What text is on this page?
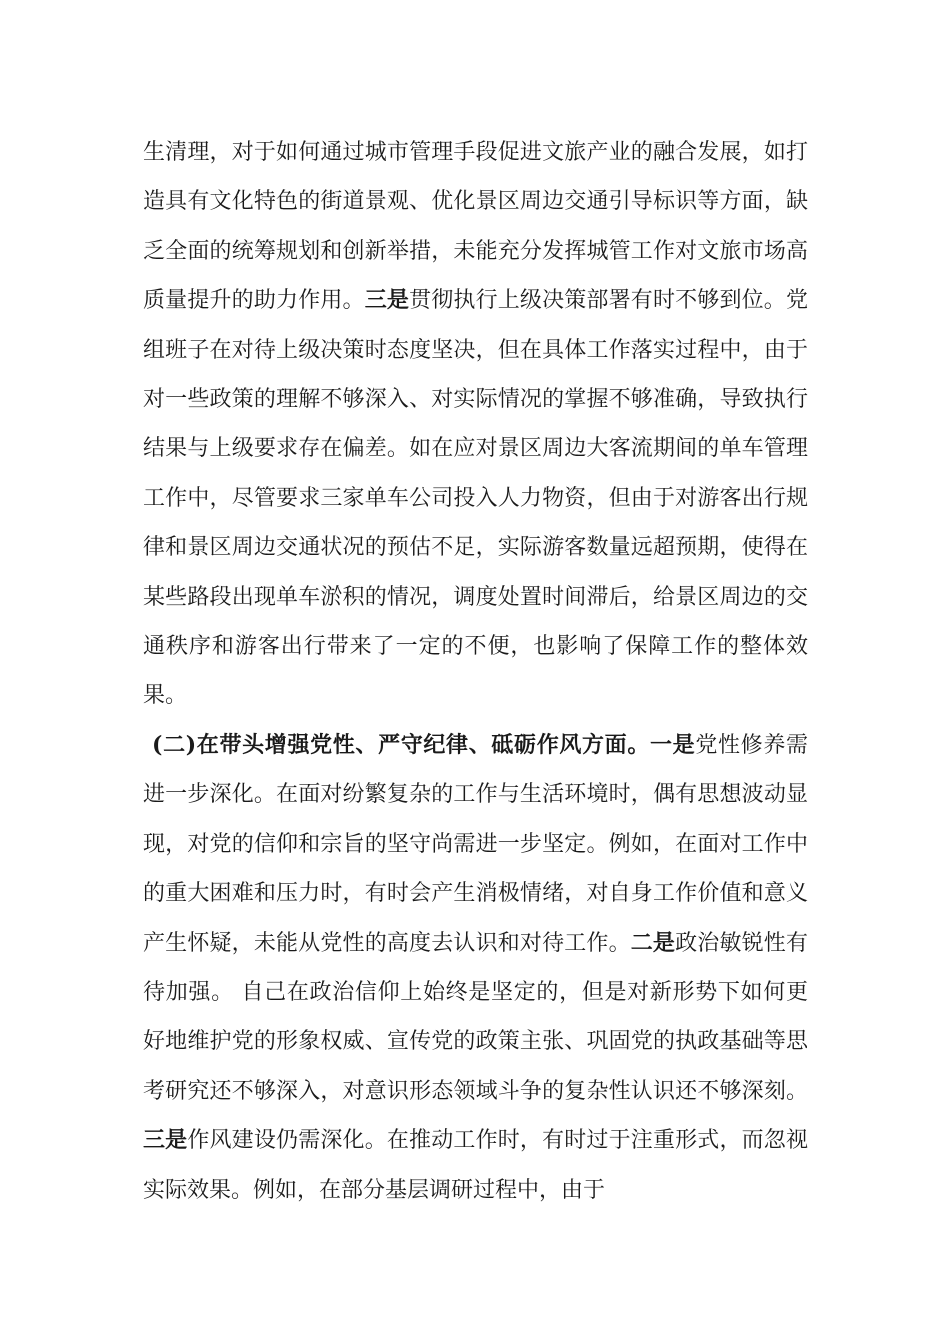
生清理，对于如何通过城市管理手段促进文旅产业的融合发展，如打造具有文化特色的街道景观、优化景区周边交通引导标识等方面，缺乏全面的统筹规划和创新举措，未能充分发挥城管工作对文旅市场高质量提升的助力作用。三是贯彻执行上级决策部署有时不够到位。党组班子在对待上级决策时态度坚决，但在具体工作落实过程中，由于对一些政策的理解不够深入、对实际情况的掌握不够准确，导致执行结果与上级要求存在偏差。如在应对景区周边大客流期间的单车管理工作中，尽管要求三家单车公司投入人力物资，但由于对游客出行规律和景区周边交通状况的预估不足，实际游客数量远超预期，使得在某些路段出现单车淤积的情况，调度处置时间滞后，给景区周边的交通秩序和游客出行带来了一定的不便，也影响了保障工作的整体效果。

(二)在带头增强党性、严守纪律、砥砺作风方面。一是党性修养需进一步深化。在面对纷繁复杂的工作与生活环境时，偶有思想波动显现，对党的信仰和宗旨的坚守尚需进一步坚定。例如，在面对工作中的重大困难和压力时，有时会产生消极情绪，对自身工作价值和意义产生怀疑，未能从党性的高度去认识和对待工作。二是政治敏锐性有待加强。 自己在政治信仰上始终是坚定的，但是对新形势下如何更好地维护党的形象权威、宣传党的政策主张、巩固党的执政基础等思考研究还不够深入，对意识形态领域斗争的复杂性认识还不够深刻。三是作风建设仍需深化。在推动工作时，有时过于注重形式，而忽视实际效果。例如，在部分基层调研过程中，由于
